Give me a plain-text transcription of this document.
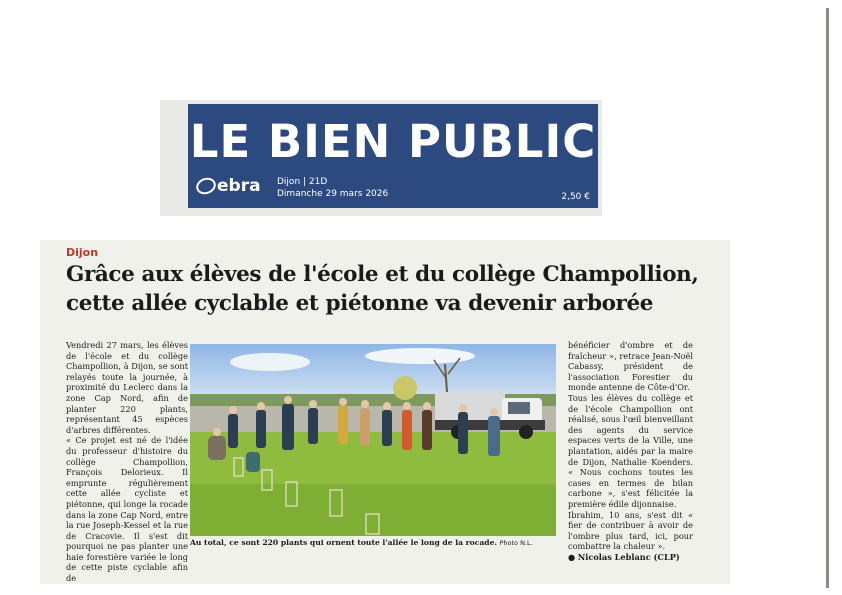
LE BIEN PUBLIC
ebra Dijon | 21D
Dimanche 29 mars 2026	2,50 €
Dijon
Grâce aux élèves de l'école et du collège Champollion,
cette allée cyclable et piétonne va devenir arborée

Vendredi 27 mars, les élèves de l'école et du collège Champollion, à Dijon, se sont relayés toute la journée, à proximité du Leclerc dans la zone Cap Nord, afin de planter 220 plants, représentant 45 espèces d'arbres différentes.

« Ce projet est né de l'idée du professeur d'histoire du collège Champollion, François Delorieux. Il emprunte régulièrement cette allée cycliste et piétonne, qui longe la rocade dans la zone Cap Nord, entre la rue Joseph-Kessel et la rue de Cracovie. Il s'est dit pourquoi ne pas planter une haie forestière variée le long de cette piste cyclable afin de

Au total, ce sont 220 plants qui ornent toute l'allée le long de la rocade. Photo N.L.

bénéficier d'ombre et de fraîcheur », retrace Jean-Noël Cabassy, président de l'association Forestier du monde antenne de Côte-d'Or.

Tous les élèves du collège et de l'école Champollion ont réalisé, sous l'œil bienveillant des agents du service espaces verts de la Ville, une plantation, aidés par la maire de Dijon, Nathalie Koenders. « Nous cochons toutes les cases en termes de bilan carbone », s'est félicitée la première édile dijonnaise.

Ibrahim, 10 ans, s'est dit « fier de contribuer à avoir de l'ombre plus tard, ici, pour combattre la chaleur ».

● Nicolas Leblanc (CLP)
